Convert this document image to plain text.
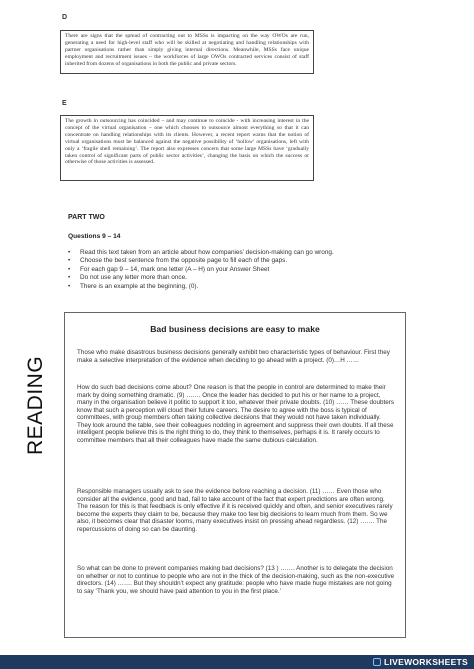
D
There are signs that the spread of contracting out to MSSs is impacting on the way OWOs are run, generating a need for high-level staff who will be skilled at negotiating and handling relationships with partner organisations rather than simply giving internal directions. Meanwhile, MSSs face unique employment and recruitment issues – the workforces of large OWOs contracted services consist of staff inherited from dozens of organisations in both the public and private sectors.
E
The growth in outsourcing has coincided – and may continue to coincide - with increasing interest in the concept of the virtual organisation – one which chooses to outsource almost everything so that it can concentrate on handling relationships with its clients. However, a recent report warns that the notion of virtual organisations must be balanced against the negative possibility of ‘hollow’ organisations, left with only a ‘fragile shell remaining’. The report also expresses concern that some large MSSs have ‘gradually taken control of significant parts of public sector activities’, changing the basis on which the success or otherwise of those activities is assessed.
PART TWO
Questions 9 – 14
• Read this text taken from an article about how companies’ decision-making can go wrong.
• Choose the best sentence from the opposite page to fill each of the gaps.
• For each gap 9 – 14, mark one letter (A – H) on your Answer Sheet
• Do not use any letter more than once.
• There is an example at the beginning, (0).
READING
Bad business decisions are easy to make
Those who make disastrous business decisions generally exhibit two characteristic types of behaviour. First they make a selective interpretation of the evidence when deciding to go ahead with a project. (0)…H ……
How do such bad decisions come about? One reason is that the people in control are determined to make their mark by doing something dramatic. (9) ……. Once the leader has decided to put his or her name to a project, many in the organisation believe it politic to support it too, whatever their private doubts. (10) …… These doubters know that such a perception will cloud their future careers. The desire to agree with the boss is typical of committees, with group members often taking collective decisions that they would not have taken individually. They look around the table, see their colleagues nodding in agreement and suppress their own doubts. If all these intelligent people believe this is the right thing to do, they think to themselves, perhaps it is. It rarely occurs to committee members that all their colleagues have made the same dubious calculation.
Responsible managers usually ask to see the evidence before reaching a decision. (11) …… Even those who consider all the evidence, good and bad, fail to take account of the fact that expert predictions are often wrong. The reason for this is that feedback is only effective if it is received quickly and often, and senior executives rarely become the experts they claim to be, because they make too few big decisions to learn much from them. So we also, it becomes clear that disaster looms, many executives insist on pressing ahead regardless. (12) ……. The repercussions of doing so can be daunting.
So what can be done to prevent companies making bad decisions? (13 ) ……. Another is to delegate the decision on whether or not to continue to people who are not in the thick of the decision-making, such as the non-executive directors. (14) ……. But they shouldn’t expect any gratitude: people who have made huge mistakes are not going to say ‘Thank you, we should have paid attention to you in the first place.’
LIVEWORKSHEETS
